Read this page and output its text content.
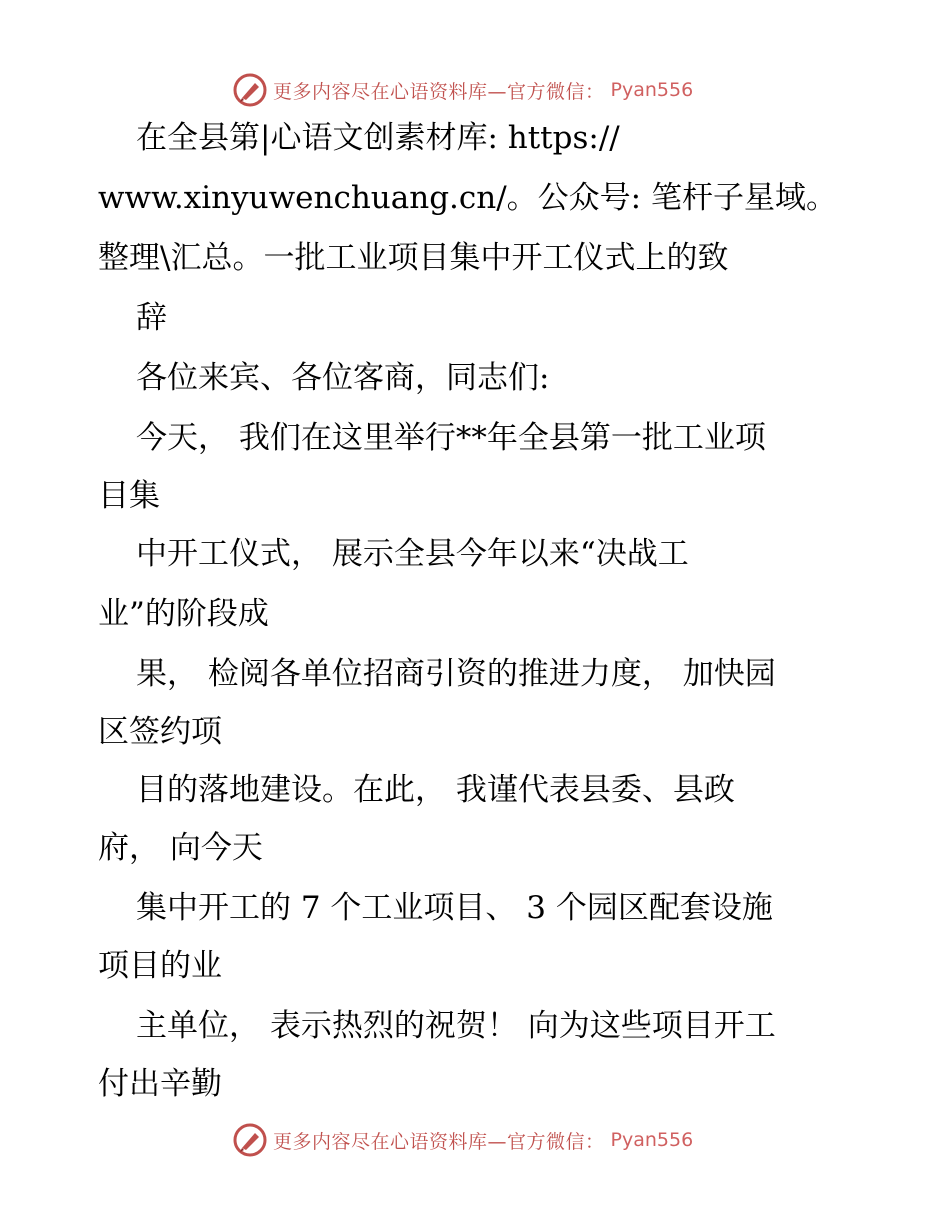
更多内容尽在心语资料库—官方微信： Pyan556
在全县第|心语文创素材库: https://
www.xinyuwenchuang.cn/。公众号: 笔杆子星域。
整理\汇总。一批工业项目集中开工仪式上的致
辞
各位来宾、各位客商，同志们:
今天， 我们在这里举行**年全县第一批工业项
目集
中开工仪式， 展示全县今年以来“决战工
业”的阶段成
果， 检阅各单位招商引资的推进力度， 加快园
区签约项
目的落地建设。在此， 我谨代表县委、县政
府， 向今天
集中开工的 7 个工业项目、 3 个园区配套设施
项目的业
主单位， 表示热烈的祝贺！ 向为这些项目开工
付出辛勤
更多内容尽在心语资料库—官方微信： Pyan556
